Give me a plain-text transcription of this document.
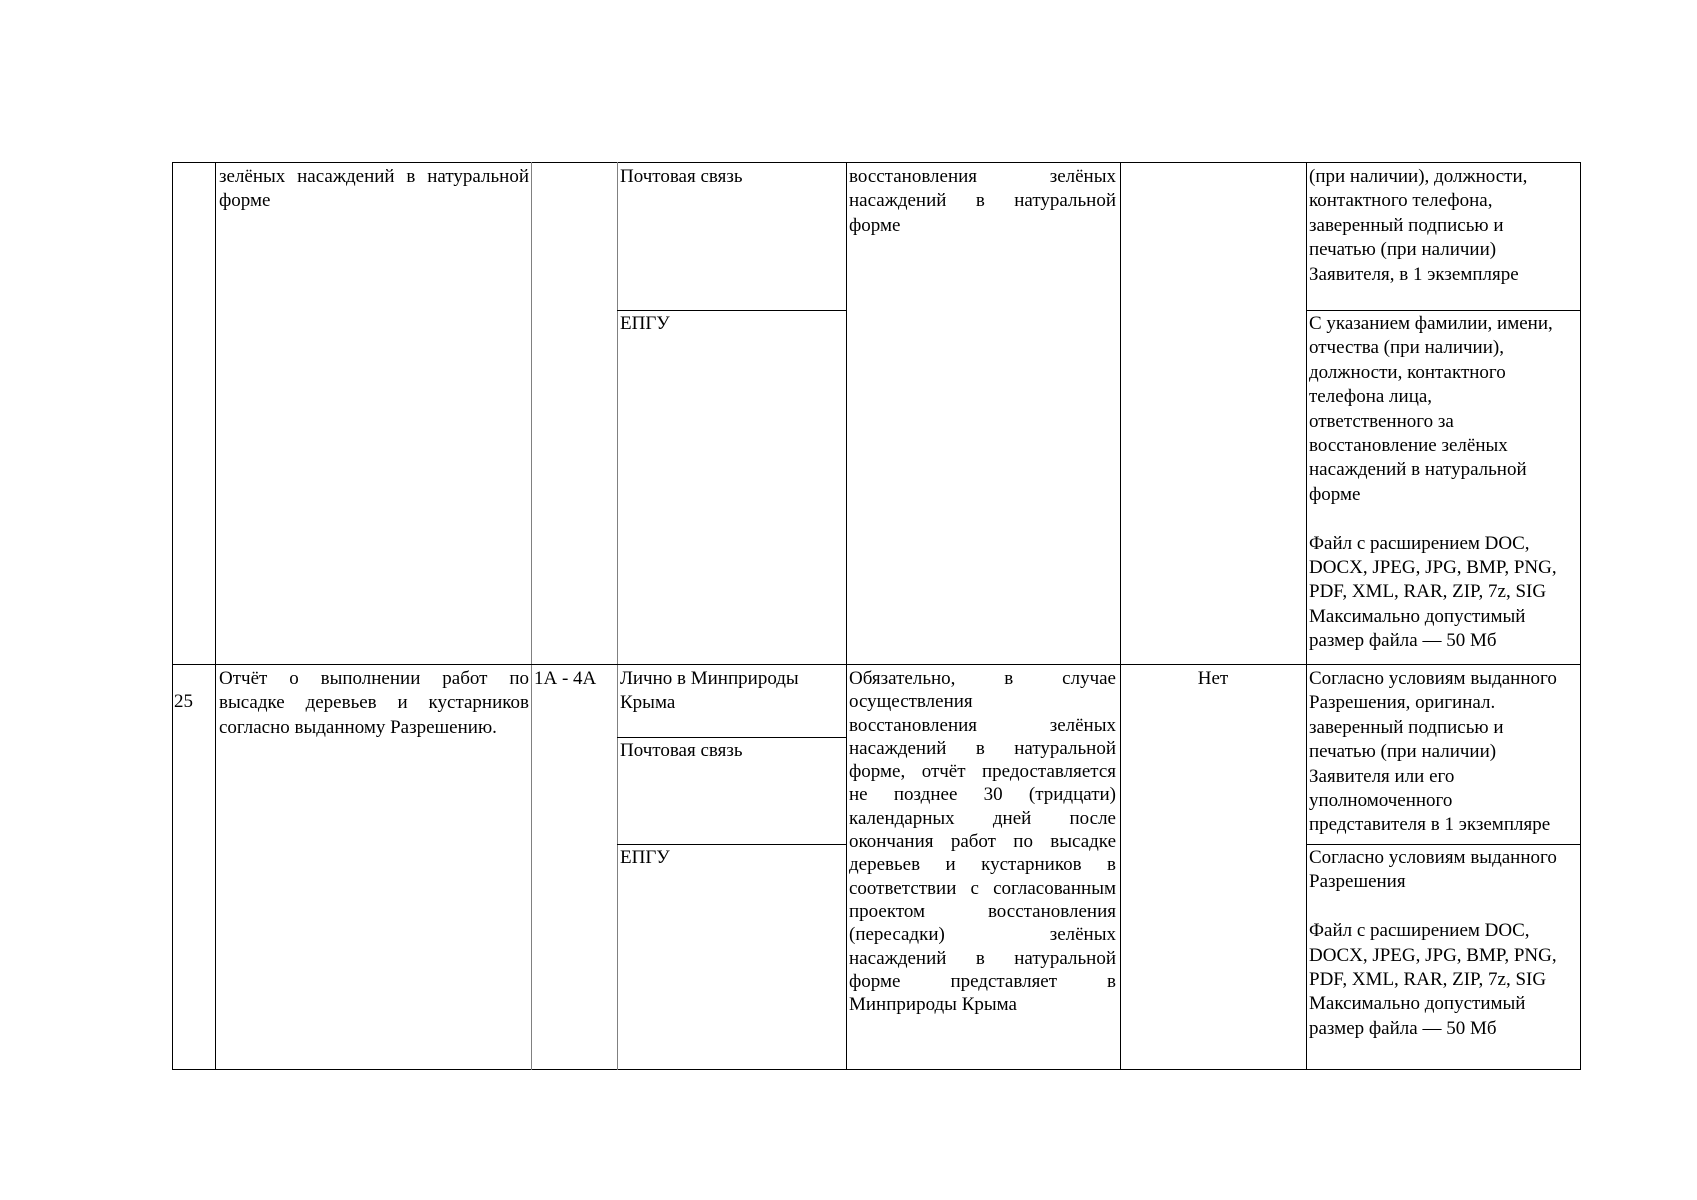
зелёных насаждений в натуральной
форме
Почтовая связь
ЕПГУ
восстановления зелёных
насаждений в натуральной
форме
(при наличии), должности,
контактного телефона,
заверенный подписью и
печатью (при наличии)
Заявителя, в 1 экземпляре
С указанием фамилии, имени,
отчества (при наличии),
должности, контактного
телефона лица,
ответственного за
восстановление зелёных
насаждений в натуральной
форме

Файл с расширением DOC,
DOCX, JPEG, JPG, BMP, PNG,
PDF, XML, RAR, ZIP, 7z, SIG
Максимально допустимый
размер файла — 50 Мб
25
Отчёт о выполнении работ по
высадке деревьев и кустарников
согласно выданному Разрешению.
1А - 4А	Лично в Минприроды
Крыма
Почтовая связь
ЕПГУ
Обязательно, в случае
осуществления
восстановления зелёных
насаждений в натуральной
форме, отчёт предоставляется
не позднее 30 (тридцати)
календарных дней после
окончания работ по высадке
деревьев и кустарников в
соответствии с согласованным
проектом восстановления
(пересадки) зелёных
насаждений в натуральной
форме представляет в
Минприроды Крыма
Нет	Согласно условиям выданного
Разрешения, оригинал.
заверенный подписью и
печатью (при наличии)
Заявителя или его
уполномоченного
представителя в 1 экземпляре
Согласно условиям выданного
Разрешения

Файл с расширением DOC,
DOCX, JPEG, JPG, BMP, PNG,
PDF, XML, RAR, ZIP, 7z, SIG
Максимально допустимый
размер файла — 50 Мб
